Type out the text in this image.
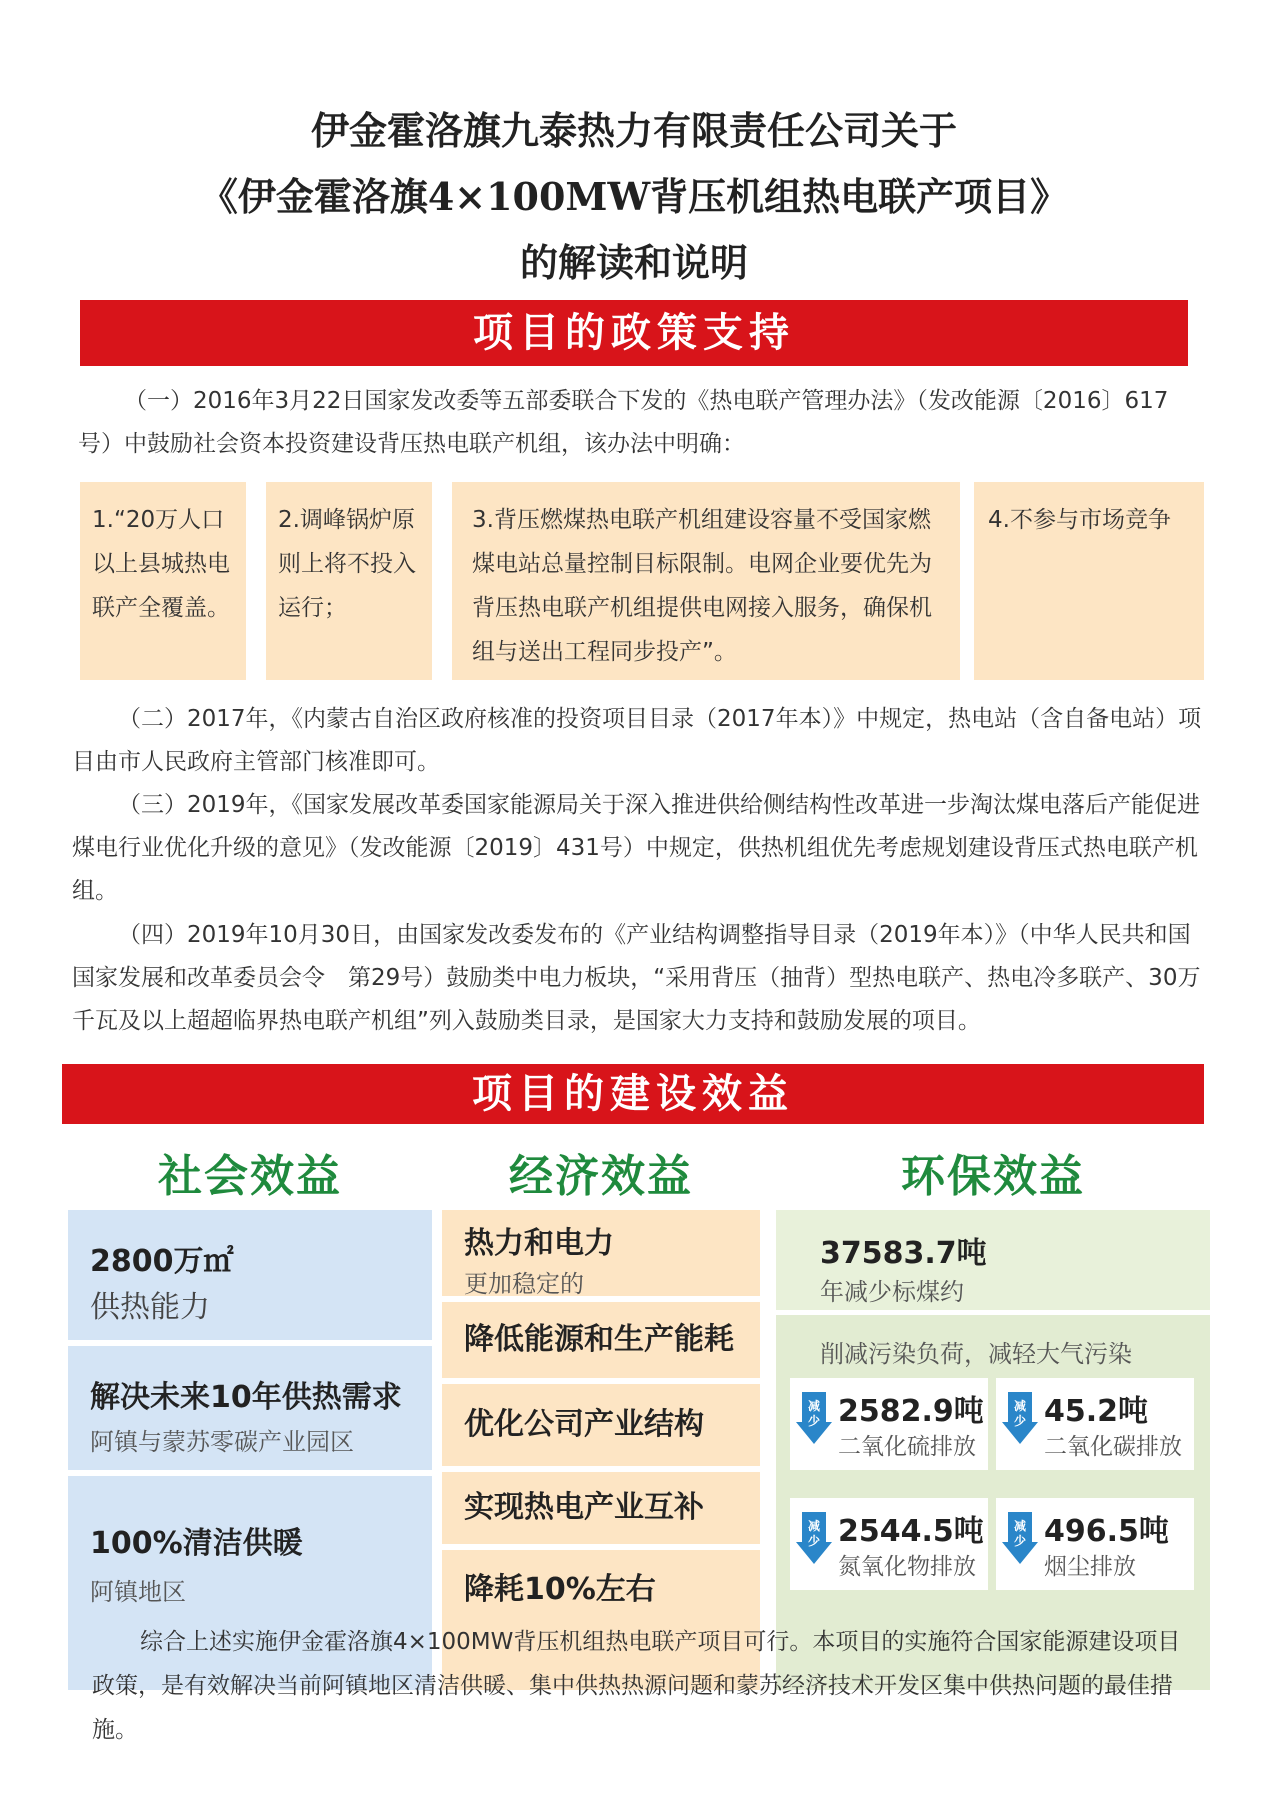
伊金霍洛旗九泰热力有限责任公司关于
《伊金霍洛旗4×100MW背压机组热电联产项目》
的解读和说明
项目的政策支持
（一）2016年3月22日国家发改委等五部委联合下发的《热电联产管理办法》（发改能源〔2016〕617号）中鼓励社会资本投资建设背压热电联产机组，该办法中明确：
1.“20万人口以上县城热电联产全覆盖。
2.调峰锅炉原则上将不投入运行；
3.背压燃煤热电联产机组建设容量不受国家燃煤电站总量控制目标限制。电网企业要优先为背压热电联产机组提供电网接入服务，确保机组与送出工程同步投产”。
4.不参与市场竞争
（二）2017年，《内蒙古自治区政府核准的投资项目目录（2017年本）》中规定，热电站（含自备电站）项目由市人民政府主管部门核准即可。
（三）2019年，《国家发展改革委国家能源局关于深入推进供给侧结构性改革进一步淘汰煤电落后产能促进煤电行业优化升级的意见》（发改能源〔2019〕431号）中规定，供热机组优先考虑规划建设背压式热电联产机组。
（四）2019年10月30日，由国家发改委发布的《产业结构调整指导目录（2019年本）》（中华人民共和国国家发展和改革委员会令　第29号）鼓励类中电力板块，“采用背压（抽背）型热电联产、热电冷多联产、30万千瓦及以上超超临界热电联产机组”列入鼓励类目录，是国家大力支持和鼓励发展的项目。
项目的建设效益
社会效益	经济效益	环保效益
2800万㎡
供热能力
解决未来10年供热需求
阿镇与蒙苏零碳产业园区
100%清洁供暖
阿镇地区
热力和电力
更加稳定的
降低能源和生产能耗
优化公司产业结构
实现热电产业互补
降耗10%左右
37583.7吨
年减少标煤约
削减污染负荷，减轻大气污染
减
少 2582.9吨
二氧化硫排放
减
少 45.2吨
二氧化碳排放
减
少 2544.5吨
氮氧化物排放
减
少 496.5吨
烟尘排放
综合上述实施伊金霍洛旗4×100MW背压机组热电联产项目可行。本项目的实施符合国家能源建设项目政策，是有效解决当前阿镇地区清洁供暖、集中供热热源问题和蒙苏经济技术开发区集中供热问题的最佳措施。
